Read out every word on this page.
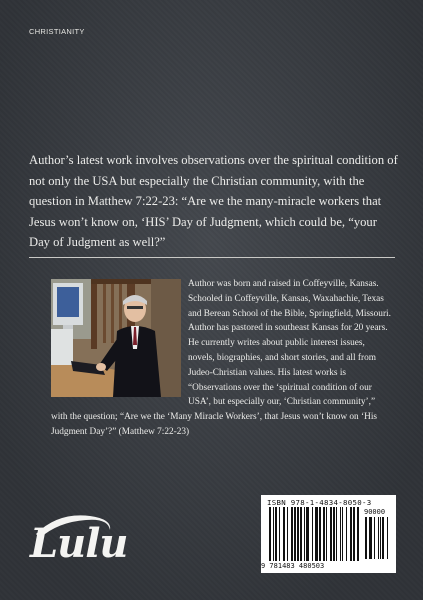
CHRISTIANITY
Author’s latest work involves observations over the spiritual condition of not only the USA but especially the Christian community, with the question in Matthew 7:22-23: “Are we the many-miracle workers that Jesus won’t know on, ‘HIS’ Day of Judgment, which could be, “your Day of Judgment as well?”
Author was born and raised in Coffeyville, Kansas. Schooled in Coffeyville, Kansas, Waxahachie, Texas and Berean School of the Bible, Springfield, Missouri. Author has pastored in southeast Kansas for 20 years. He currently writes about public interest issues, novels, biographies, and short stories, and all from Judeo-Christian values. His latest works is “Observations over the ‘spiritual condition of our USA’, but especially our, ‘Christian community’,” with the question; “Are we the ‘Many Miracle Workers’, that Jesus won’t know on ‘His Judgment Day’?” (Matthew 7:22-23)
Lulu
ISBN 978-1-4834-8050-3
90000
9 781483 480503
